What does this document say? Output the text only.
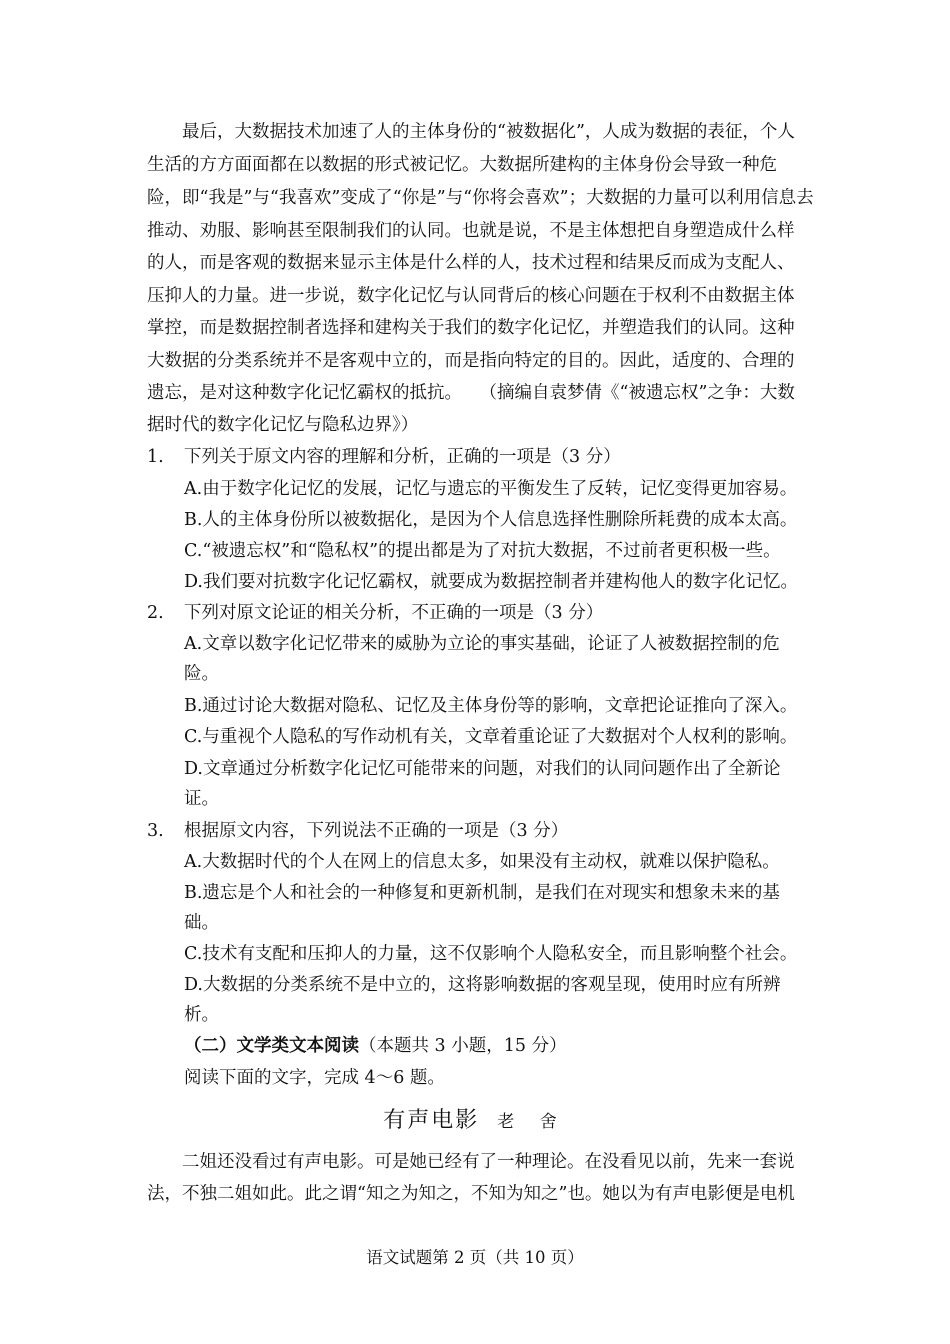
最后，大数据技术加速了人的主体身份的“被数据化”，人成为数据的表征，个人
生活的方方面面都在以数据的形式被记忆。大数据所建构的主体身份会导致一种危
险，即“我是”与“我喜欢”变成了“你是”与“你将会喜欢”；大数据的力量可以利用信息去
推动、劝服、影响甚至限制我们的认同。也就是说，不是主体想把自身塑造成什么样
的人，而是客观的数据来显示主体是什么样的人，技术过程和结果反而成为支配人、
压抑人的力量。进一步说，数字化记忆与认同背后的核心问题在于权利不由数据主体
掌控，而是数据控制者选择和建构关于我们的数字化记忆，并塑造我们的认同。这种
大数据的分类系统并不是客观中立的，而是指向特定的目的。因此，适度的、合理的
遗忘，是对这种数字化记忆霸权的抵抗。　　（摘编自袁梦倩《“被遗忘权”之争：大数
据时代的数字化记忆与隐私边界》）
1. 下列关于原文内容的理解和分析，正确的一项是（3 分）
A.由于数字化记忆的发展，记忆与遗忘的平衡发生了反转，记忆变得更加容易。
B.人的主体身份所以被数据化，是因为个人信息选择性删除所耗费的成本太高。
C.“被遗忘权”和“隐私权”的提出都是为了对抗大数据，不过前者更积极一些。
D.我们要对抗数字化记忆霸权，就要成为数据控制者并建构他人的数字化记忆。
2. 下列对原文论证的相关分析，不正确的一项是（3 分）
A.文章以数字化记忆带来的威胁为立论的事实基础，论证了人被数据控制的危
险。
B.通过讨论大数据对隐私、记忆及主体身份等的影响，文章把论证推向了深入。
C.与重视个人隐私的写作动机有关，文章着重论证了大数据对个人权利的影响。
D.文章通过分析数字化记忆可能带来的问题，对我们的认同问题作出了全新论
证。
3. 根据原文内容，下列说法不正确的一项是（3 分）
A.大数据时代的个人在网上的信息太多，如果没有主动权，就难以保护隐私。
B.遗忘是个人和社会的一种修复和更新机制，是我们在对现实和想象未来的基
础。
C.技术有支配和压抑人的力量，这不仅影响个人隐私安全，而且影响整个社会。
D.大数据的分类系统不是中立的，这将影响数据的客观呈现，使用时应有所辨
析。
（二）文学类文本阅读（本题共 3 小题，15 分）
阅读下面的文字，完成 4～6 题。
有声电影 老 舍
二姐还没看过有声电影。可是她已经有了一种理论。在没看见以前，先来一套说
法，不独二姐如此。此之谓“知之为知之，不知为知之”也。她以为有声电影便是电机
语文试题第 2 页（共 10 页）
